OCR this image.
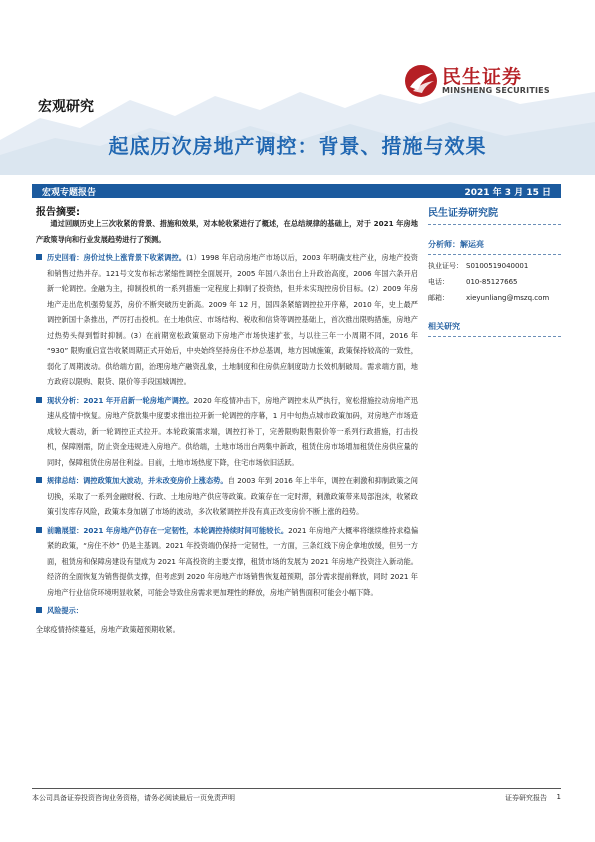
民生证券
MINSHENG SECURITIES
宏观研究
起底历次房地产调控：背景、措施与效果
宏观专题报告	2021 年 3 月 15 日
报告摘要:

通过回顾历史上三次收紧的背景、措施和效果，对本轮收紧进行了概述，在总结规律的基础上，对于 2021 年房地产政策导向和行业发展趋势进行了预测。

历史回看：房价过快上涨背景下收紧调控。(1）1998 年启动房地产市场以后，2003 年明确支柱产业，房地产投资和销售过热并存。121号文发布标志紧缩性调控全面展开，2005 年国八条出台上升政治高度，2006 年国六条开启新一轮调控。金融为主，抑制投机的一系列措施一定程度上抑制了投资热，但并未实现控房价目标。(2）2009 年房地产走出危机强势复苏，房价不断突破历史新高。2009 年 12 月，国四条紧缩调控拉开序幕，2010 年，史上最严调控新国十条推出，严厉打击投机。在土地供应、市场结构、税收和信贷等调控基础上，首次推出限购措施，房地产过热势头得到暂时抑制。(3）在前期宽松政策驱动下房地产市场快速扩张，与以往三年一小周期不同，2016 年 “930” 限购重启宣告收紧周期正式开始后，中央始终坚持房住不炒总基调，地方因城施策，政策保持较高的一致性，弱化了周期波动。供给端方面，治理房地产融资乱象，土地制度和住房供应制度助力长效机制破局。需求端方面，地方政府以限购、限贷、限价等手段国城调控。
现状分析：2021 年开启新一轮房地产调控。2020 年疫情冲击下，房地产调控未从严执行，宽松措施拉动房地产迅速从疫情中恢复。房地产贷款集中度要求推出拉开新一轮调控的序幕，1 月中旬热点城市政策加码，对房地产市场造成较大震动，新一轮调控正式拉开。本轮政策需求端，调控打补丁，完善限购限售限价等一系列行政措施，打击投机，保障刚需，防止资金违规进入房地产。供给端，土地市场出台两集中新政，租赁住房市场增加租赁住房供应量的同时，保障租赁住房居住利益。目前，土地市场热度下降，住宅市场依旧活跃。
规律总结：调控政策加大波动，并未改变房价上涨态势。自 2003 年到 2016 年上半年，调控在刺激和抑制政策之间切换，采取了一系列金融财税、行政、土地房地产供应等政策。政策存在一定时滞，刺激政策带来局部泡沫，收紧政策引发库存风险，政策本身加剧了市场的波动，多次收紧调控并没有真正改变房价不断上涨的趋势。
前瞻展望：2021 年房地产仍存在一定韧性，本轮调控持续时间可能较长。2021 年房地产大概率将继续维持求稳偏紧的政策，“房住不炒” 仍是主基调。2021 年投资端仍保持一定韧性，一方面，三条红线下房企拿地放缓，但另一方面，租赁房和保障房建设有望成为 2021 年高投资的主要支撑，租赁市场的发展为 2021 年房地产投资注入新动能。经济的全面恢复为销售提供支撑，但考虑到 2020 年房地产市场销售恢复超预期，部分需求提前释放，同时 2021 年房地产行业信贷环境明显收紧，可能会导致住房需求更加理性的释放，房地产销售面积可能会小幅下降。
风险提示：

全球疫情持续蔓延，房地产政策超预期收紧。

民生证券研究院
分析师：解运亮
执业证号： S0100519040001
电话： 010-85127665
邮箱： xieyunliang@mszq.com
相关研究
本公司具备证券投资咨询业务资格，请务必阅读最后一页免责声明	证券研究报告 1
